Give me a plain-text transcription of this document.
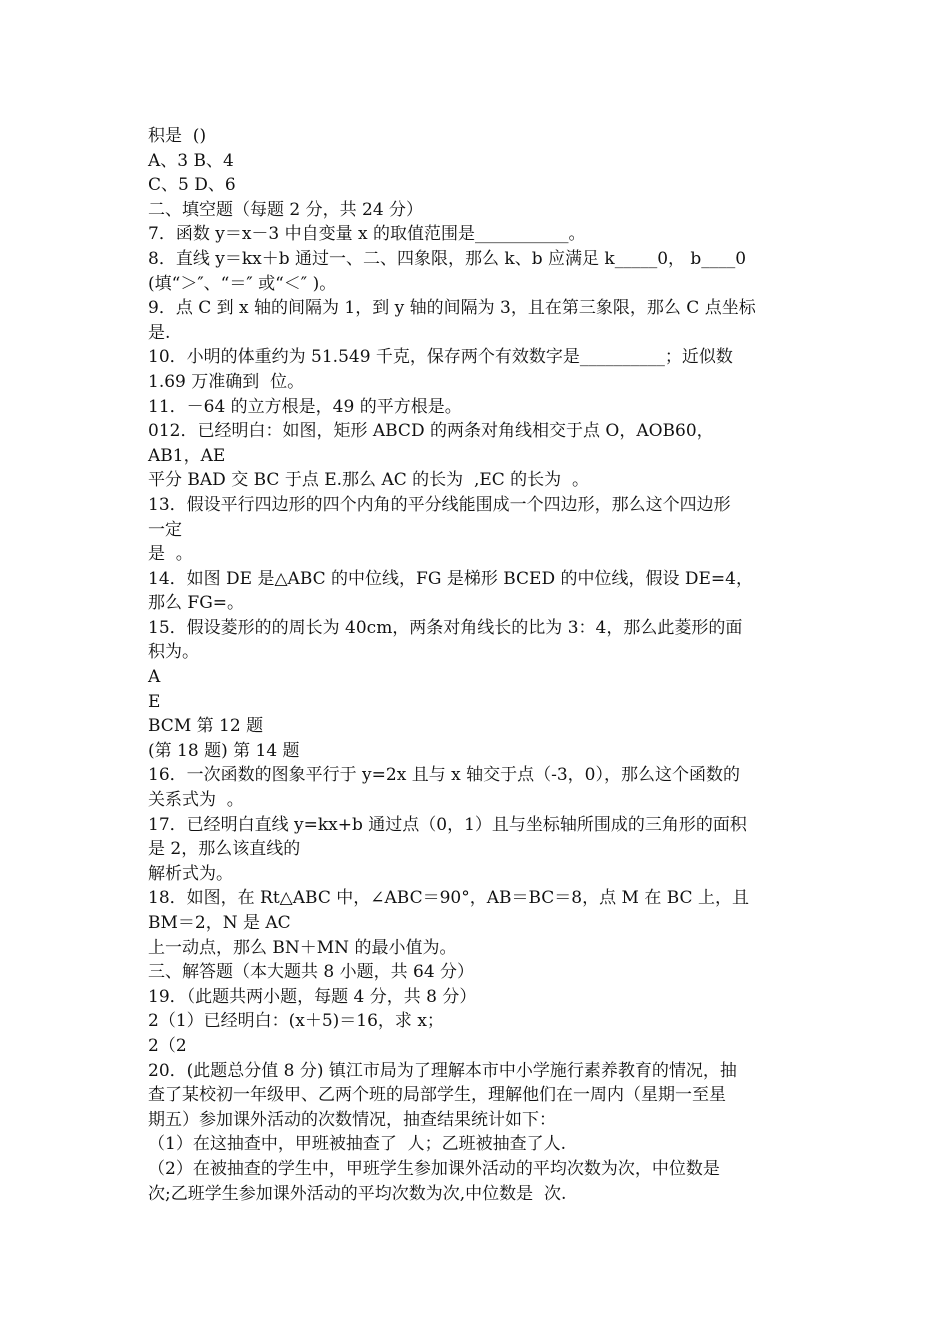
积是  ()
A、3 B、4
C、5 D、6
二、填空题（每题 2 分，共 24 分）
7．函数 y＝x－3 中自变量 x 的取值范围是___________。
8．直线 y＝kx＋b 通过一、二、四象限，那么 k、b 应满足 k_____0， b____0
(填“＞″、“＝″ 或“＜″ )。
9．点 C 到 x 轴的间隔为 1，到 y 轴的间隔为 3，且在第三象限，那么 C 点坐标
是.
10．小明的体重约为 51.549 千克，保存两个有效数字是__________；近似数
1.69 万准确到  位。
11．－64 的立方根是，49 的平方根是。
012．已经明白：如图，矩形 ABCD 的两条对角线相交于点 O，AOB60，
AB1，AE
平分 BAD 交 BC 于点 E.那么 AC 的长为  ,EC 的长为  。
13．假设平行四边形的四个内角的平分线能围成一个四边形，那么这个四边形
一定
是  。
14．如图 DE 是△ABC 的中位线，FG 是梯形 BCED 的中位线，假设 DE=4，
那么 FG=。
15．假设菱形的的周长为 40cm，两条对角线长的比为 3：4，那么此菱形的面
积为。
A
E
BCM 第 12 题
(第 18 题) 第 14 题
16．一次函数的图象平行于 y=2x 且与 x 轴交于点（-3，0），那么这个函数的
关系式为  。
17．已经明白直线 y=kx+b 通过点（0，1）且与坐标轴所围成的三角形的面积
是 2，那么该直线的
解析式为。
18．如图，在 Rt△ABC 中，∠ABC＝90°，AB＝BC＝8，点 M 在 BC 上，且
BM＝2，N 是 AC
上一动点，那么 BN＋MN 的最小值为。
三、解答题（本大题共 8 小题，共 64 分）
19．（此题共两小题，每题 4 分，共 8 分）
2（1）已经明白：(x＋5)＝16，求 x；
2（2
20．(此题总分值 8 分) 镇江市局为了理解本市中小学施行素养教育的情况，抽
查了某校初一年级甲、乙两个班的局部学生，理解他们在一周内（星期一至星
期五）参加课外活动的次数情况，抽查结果统计如下：
（1）在这抽查中，甲班被抽查了  人；乙班被抽查了人.
（2）在被抽查的学生中，甲班学生参加课外活动的平均次数为次，中位数是
次;乙班学生参加课外活动的平均次数为次,中位数是  次.
